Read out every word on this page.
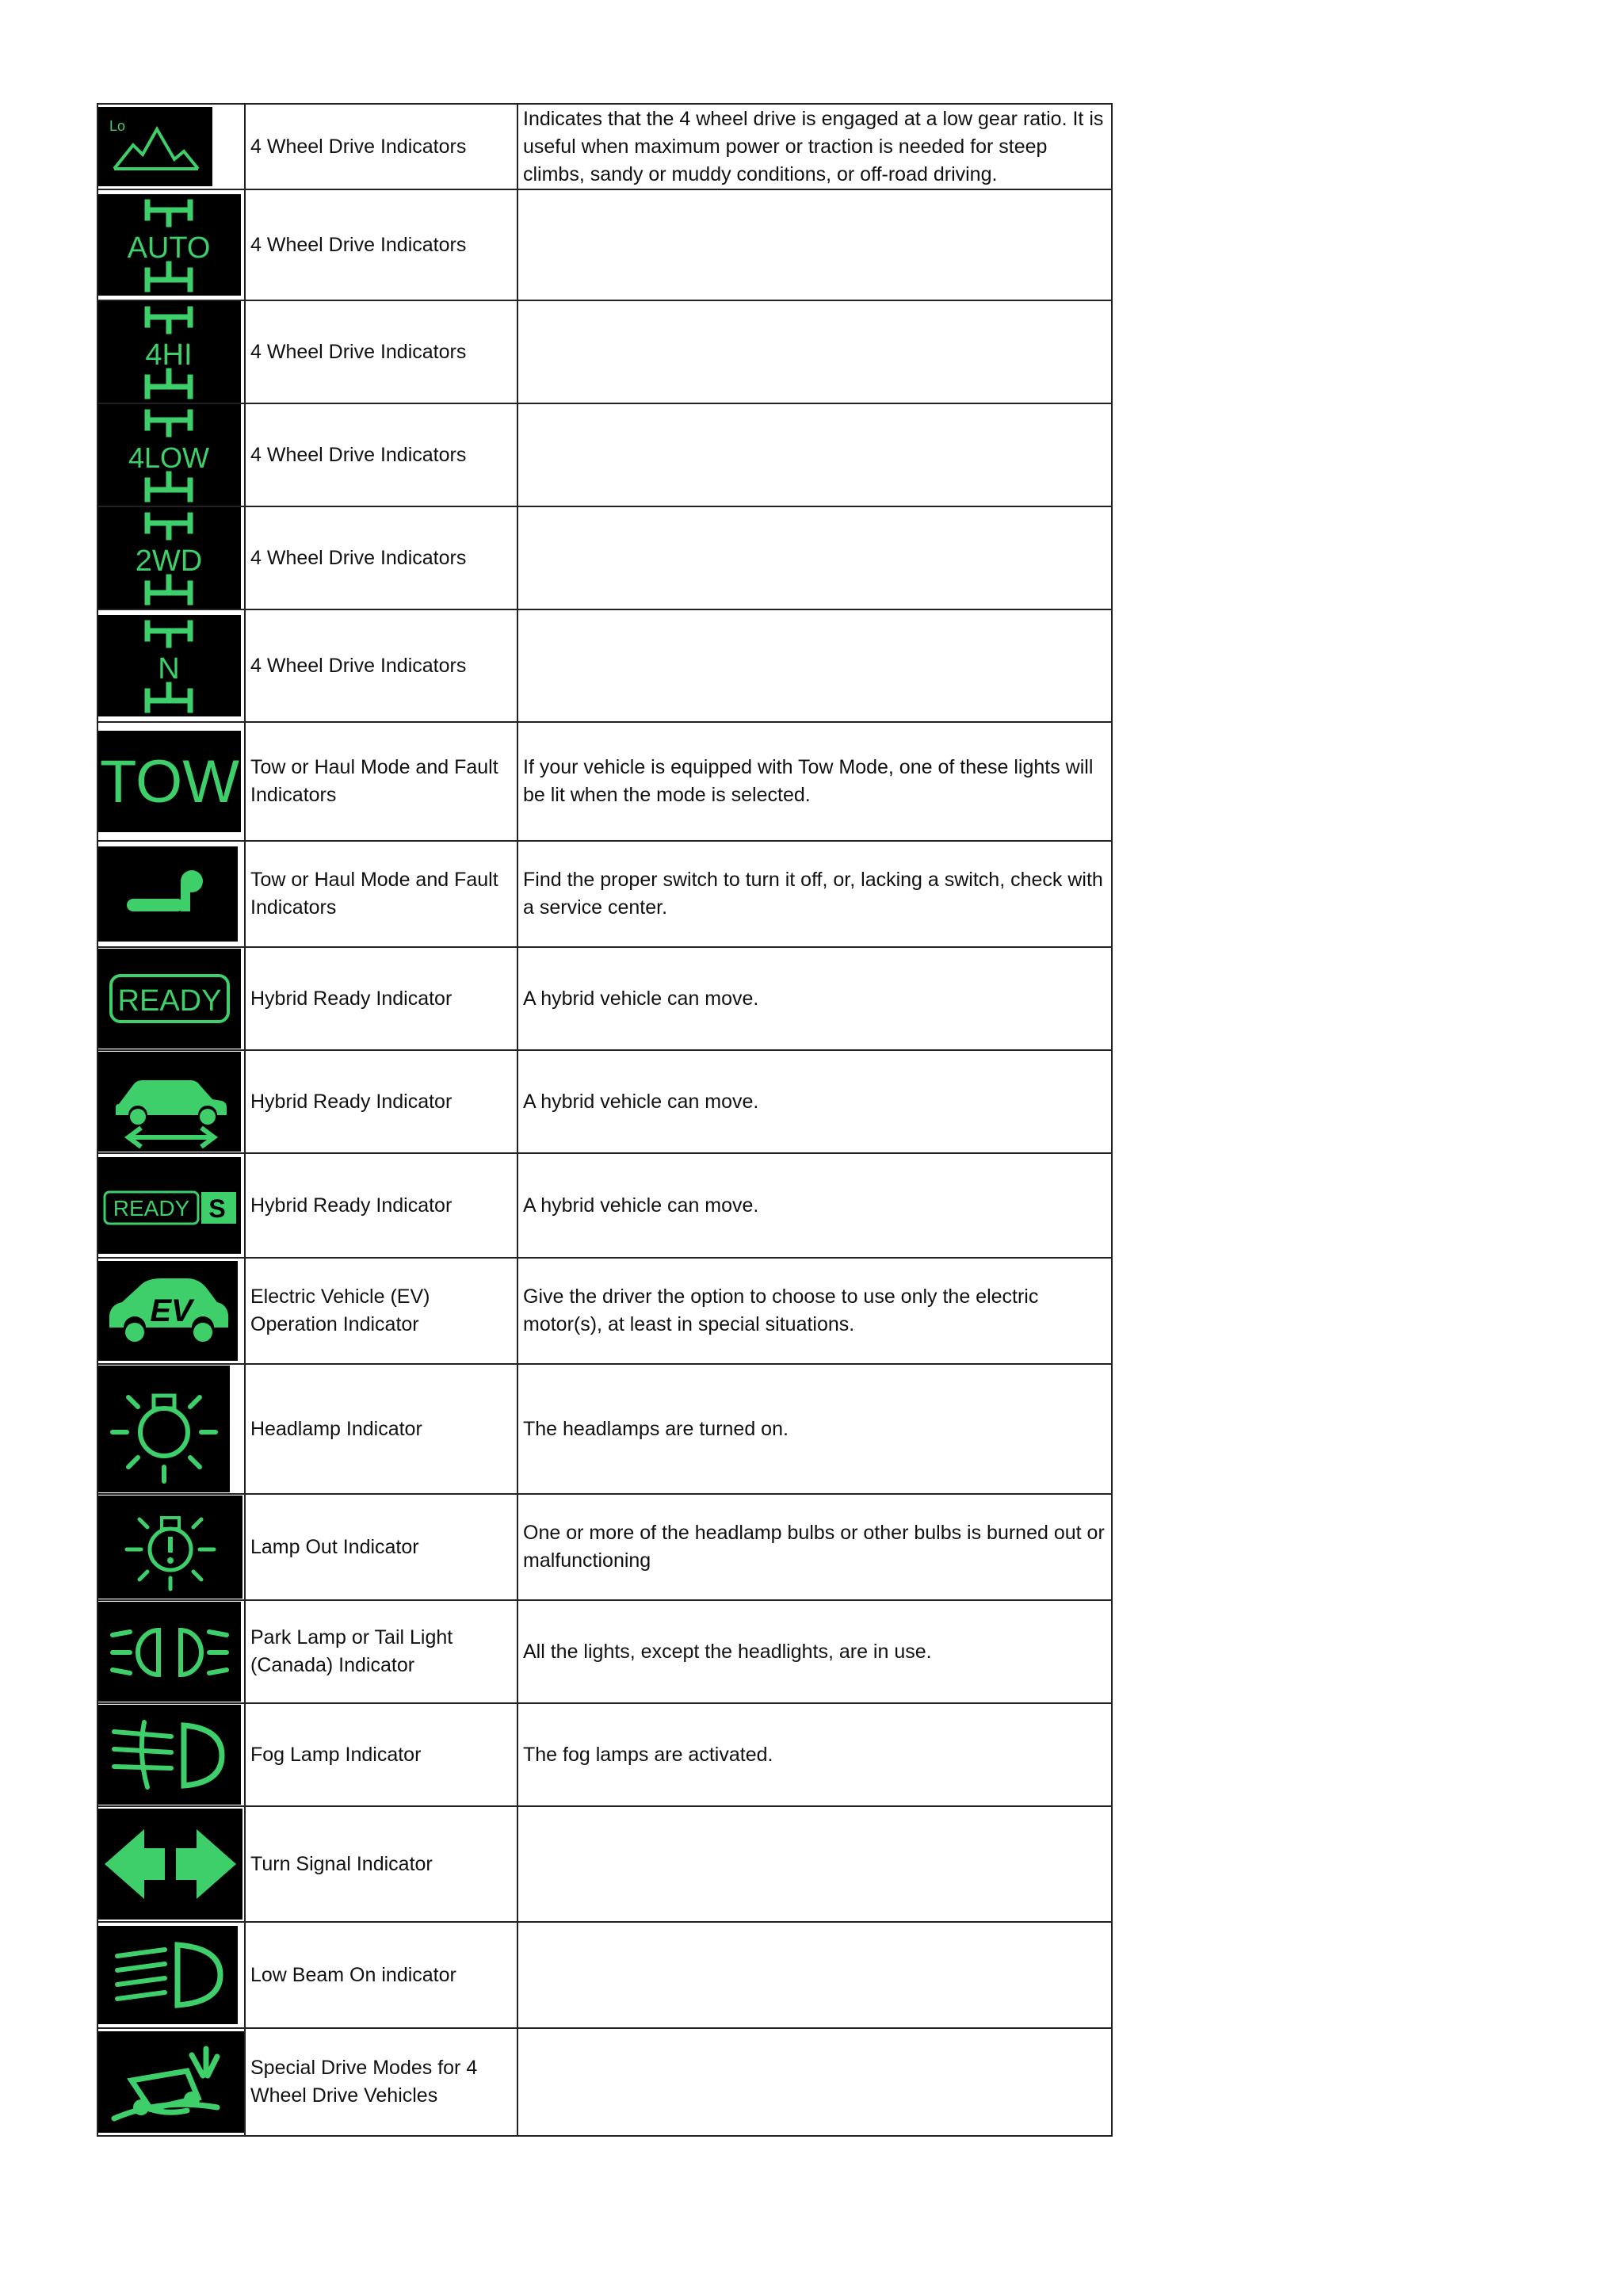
Lo	4 Wheel Drive Indicators	Indicates that the 4 wheel drive is engaged at a low gear ratio. It is useful when maximum power or traction is needed for steep climbs, sandy or muddy conditions, or off-road driving.

AUTO	4 Wheel Drive Indicators	

4HI	4 Wheel Drive Indicators	

4LOW	4 Wheel Drive Indicators	

2WD	4 Wheel Drive Indicators	

N	4 Wheel Drive Indicators	

TOW	Tow or Haul Mode and Fault Indicators	If your vehicle is equipped with Tow Mode, one of these lights will be lit when the mode is selected.

	Tow or Haul Mode and Fault Indicators	Find the proper switch to turn it off, or, lacking a switch, check with a service center.

READY	Hybrid Ready Indicator	A hybrid vehicle can move.

	Hybrid Ready Indicator	A hybrid vehicle can move.

READY S	Hybrid Ready Indicator	A hybrid vehicle can move.

EV	Electric Vehicle (EV) Operation Indicator	Give the driver the option to choose to use only the electric motor(s), at least in special situations.

	Headlamp Indicator	The headlamps are turned on.

	Lamp Out Indicator	One or more of the headlamp bulbs or other bulbs is burned out or malfunctioning

	Park Lamp or Tail Light (Canada) Indicator	All the lights, except the headlights, are in use.

	Fog Lamp Indicator	The fog lamps are activated.

	Turn Signal Indicator	

	Low Beam On indicator	

	Special Drive Modes for 4 Wheel Drive Vehicles	
